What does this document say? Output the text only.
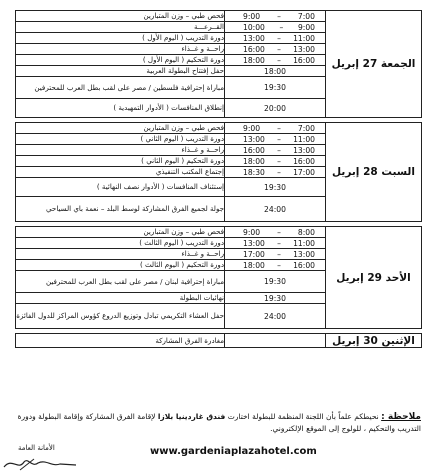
فحص طبي – وزن المتبارين	9:00 – 7:00	الجمعة 27 إبريل
القــرعـــة	10:00 – 9:00	

دورة التدريب ( اليوم الأول )	13:00 – 11:00	

راحــة و غــذاء	16:00 – 13:00	

دورة التحكيم ( اليوم الأول )	18:00 – 16:00	

حفل إفتتاح البطولة العربية	18:00	

مباراة إحترافية فلسطين / مصر على لقب بطل العرب للمحترفين	19:30	

إنطلاق المنافسات ( الأدوار التمهيدية )	20:00	

فحص طبي – وزن المتبارين	9:00 – 7:00	السبت 28 إبريل
دورة التدريب ( اليوم الثاني )	13:00 – 11:00	

راحــة و غــذاء	16:00 – 13:00	

دورة التحكيم ( اليوم الثاني )	18:00 – 16:00	

إجتماع المكتب التنفيذي	18:30 – 17:00	

إستئناف المنافسات ( الأدوار نصف النهائية )	19:30	

جولة لجميع الفرق المشاركة لوسط البلد – نعمة باي السياحي	24:00	

فحص طبي – وزن المتبارين	9:00 – 8:00	الأحد 29 إبريل
دورة التدريب ( اليوم الثالث )	13:00 – 11:00	

راحــة و غــذاء	17:00 – 13:00	

دورة التحكيم ( اليوم الثالث )	18:00 – 16:00	

مباراة إحترافية لبنان / مصر على لقب بطل العرب للمحترفين	19:30	

نهائيات البطولة	19:30	

حفل العشاء التكريمي تبادل وتوزيع الدروع كؤوس المراكز للدول الفائزة	24:00	

مغادرة الفرق المشاركة		الإثنين 30 إبريل
ملاحظة : نحيطكم علماً بأن اللجنة المنظمة للبطولة اختارت فندق غاردينيا بلازا لإقامة الفرق المشاركة وإقامة البطولة ودورة التدريب والتحكيم ، للولوج إلى الموقع الإلكتروني.
الأمانة العامة	www.gardeniaplazahotel.com
